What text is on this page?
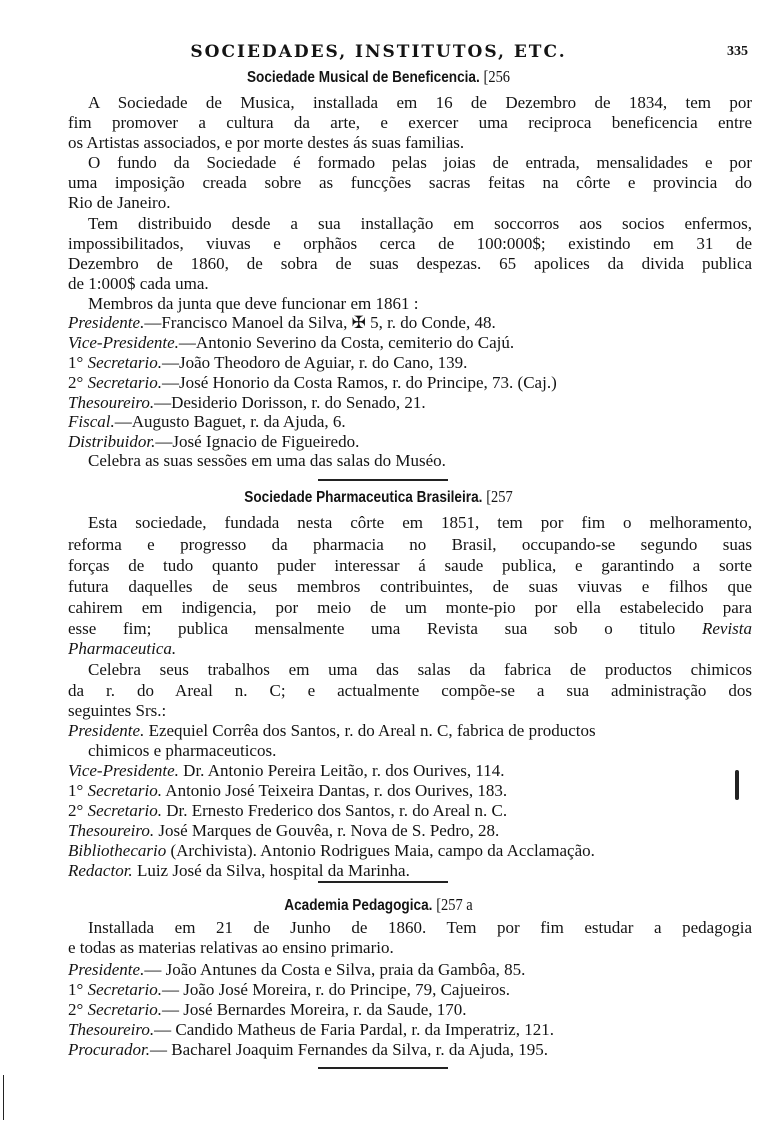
SOCIEDADES, INSTITUTOS, ETC.	335
Sociedade Musical de Beneficencia. [256
A Sociedade de Musica, installada em 16 de Dezembro de 1834, tem por
fim promover a cultura da arte, e exercer uma reciproca beneficencia entre
os Artistas associados, e por morte destes ás suas familias.
O fundo da Sociedade é formado pelas joias de entrada, mensalidades e por
uma imposição creada sobre as funcções sacras feitas na côrte e provincia do
Rio de Janeiro.
Tem distribuido desde a sua installação em soccorros aos socios enfermos,
impossibilitados, viuvas e orphãos cerca de 100:000$; existindo em 31 de
Dezembro de 1860, de sobra de suas despezas. 65 apolices da divida publica
de 1:000$ cada uma.
Membros da junta que deve funcionar em 1861 :
Presidente.—Francisco Manoel da Silva, ✠ 5, r. do Conde, 48.
Vice-Presidente.—Antonio Severino da Costa, cemiterio do Cajú.
1° Secretario.—João Theodoro de Aguiar, r. do Cano, 139.
2° Secretario.—José Honorio da Costa Ramos, r. do Principe, 73. (Caj.)
Thesoureiro.—Desiderio Dorisson, r. do Senado, 21.
Fiscal.—Augusto Baguet, r. da Ajuda, 6.
Distribuidor.—José Ignacio de Figueiredo.
Celebra as suas sessões em uma das salas do Muséo.
Sociedade Pharmaceutica Brasileira. [257
Esta sociedade, fundada nesta côrte em 1851, tem por fim o melhoramento,
reforma e progresso da pharmacia no Brasil, occupando-se segundo suas
forças de tudo quanto puder interessar á saude publica, e garantindo a sorte
futura daquelles de seus membros contribuintes, de suas viuvas e filhos que
cahirem em indigencia, por meio de um monte-pio por ella estabelecido para
esse fim; publica mensalmente uma Revista sua sob o titulo Revista
Pharmaceutica.
Celebra seus trabalhos em uma das salas da fabrica de productos chimicos
da r. do Areal n. C; e actualmente compõe-se a sua administração dos
seguintes Srs.:
Presidente. Ezequiel Corrêa dos Santos, r. do Areal n. C, fabrica de productos
chimicos e pharmaceuticos.
Vice-Presidente. Dr. Antonio Pereira Leitão, r. dos Ourives, 114.
1° Secretario. Antonio José Teixeira Dantas, r. dos Ourives, 183.
2° Secretario. Dr. Ernesto Frederico dos Santos, r. do Areal n. C.
Thesoureiro. José Marques de Gouvêa, r. Nova de S. Pedro, 28.
Bibliothecario (Archivista). Antonio Rodrigues Maia, campo da Acclamação.
Redactor. Luiz José da Silva, hospital da Marinha.
Academia Pedagogica. [257 a
Installada em 21 de Junho de 1860. Tem por fim estudar a pedagogia
e todas as materias relativas ao ensino primario.
Presidente.— João Antunes da Costa e Silva, praia da Gambôa, 85.
1° Secretario.— João José Moreira, r. do Principe, 79, Cajueiros.
2° Secretario.— José Bernardes Moreira, r. da Saude, 170.
Thesoureiro.— Candido Matheus de Faria Pardal, r. da Imperatriz, 121.
Procurador.— Bacharel Joaquim Fernandes da Silva, r. da Ajuda, 195.
